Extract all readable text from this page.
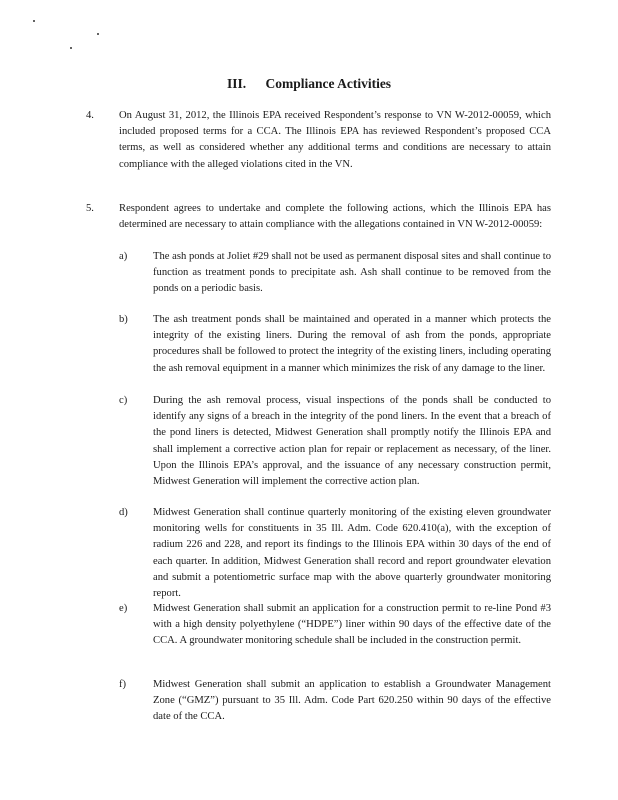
III. Compliance Activities
4. On August 31, 2012, the Illinois EPA received Respondent’s response to VN W-2012-00059, which included proposed terms for a CCA. The Illinois EPA has reviewed Respondent’s proposed CCA terms, as well as considered whether any additional terms and conditions are necessary to attain compliance with the alleged violations cited in the VN.
5. Respondent agrees to undertake and complete the following actions, which the Illinois EPA has determined are necessary to attain compliance with the allegations contained in VN W-2012-00059:
a) The ash ponds at Joliet #29 shall not be used as permanent disposal sites and shall continue to function as treatment ponds to precipitate ash. Ash shall continue to be removed from the ponds on a periodic basis.
b) The ash treatment ponds shall be maintained and operated in a manner which protects the integrity of the existing liners. During the removal of ash from the ponds, appropriate procedures shall be followed to protect the integrity of the existing liners, including operating the ash removal equipment in a manner which minimizes the risk of any damage to the liner.
c) During the ash removal process, visual inspections of the ponds shall be conducted to identify any signs of a breach in the integrity of the pond liners. In the event that a breach of the pond liners is detected, Midwest Generation shall promptly notify the Illinois EPA and shall implement a corrective action plan for repair or replacement as necessary, of the liner. Upon the Illinois EPA’s approval, and the issuance of any necessary construction permit, Midwest Generation will implement the corrective action plan.
d) Midwest Generation shall continue quarterly monitoring of the existing eleven groundwater monitoring wells for constituents in 35 Ill. Adm. Code 620.410(a), with the exception of radium 226 and 228, and report its findings to the Illinois EPA within 30 days of the end of each quarter. In addition, Midwest Generation shall record and report groundwater elevation and submit a potentiometric surface map with the above quarterly groundwater monitoring report.
e) Midwest Generation shall submit an application for a construction permit to re-line Pond #3 with a high density polyethylene (“HDPE”) liner within 90 days of the effective date of the CCA. A groundwater monitoring schedule shall be included in the construction permit.
f)	Midwest Generation shall submit an application to establish a Groundwater Management Zone (“GMZ”) pursuant to 35 Ill. Adm. Code Part 620.250 within 90 days of the effective date of the CCA.
